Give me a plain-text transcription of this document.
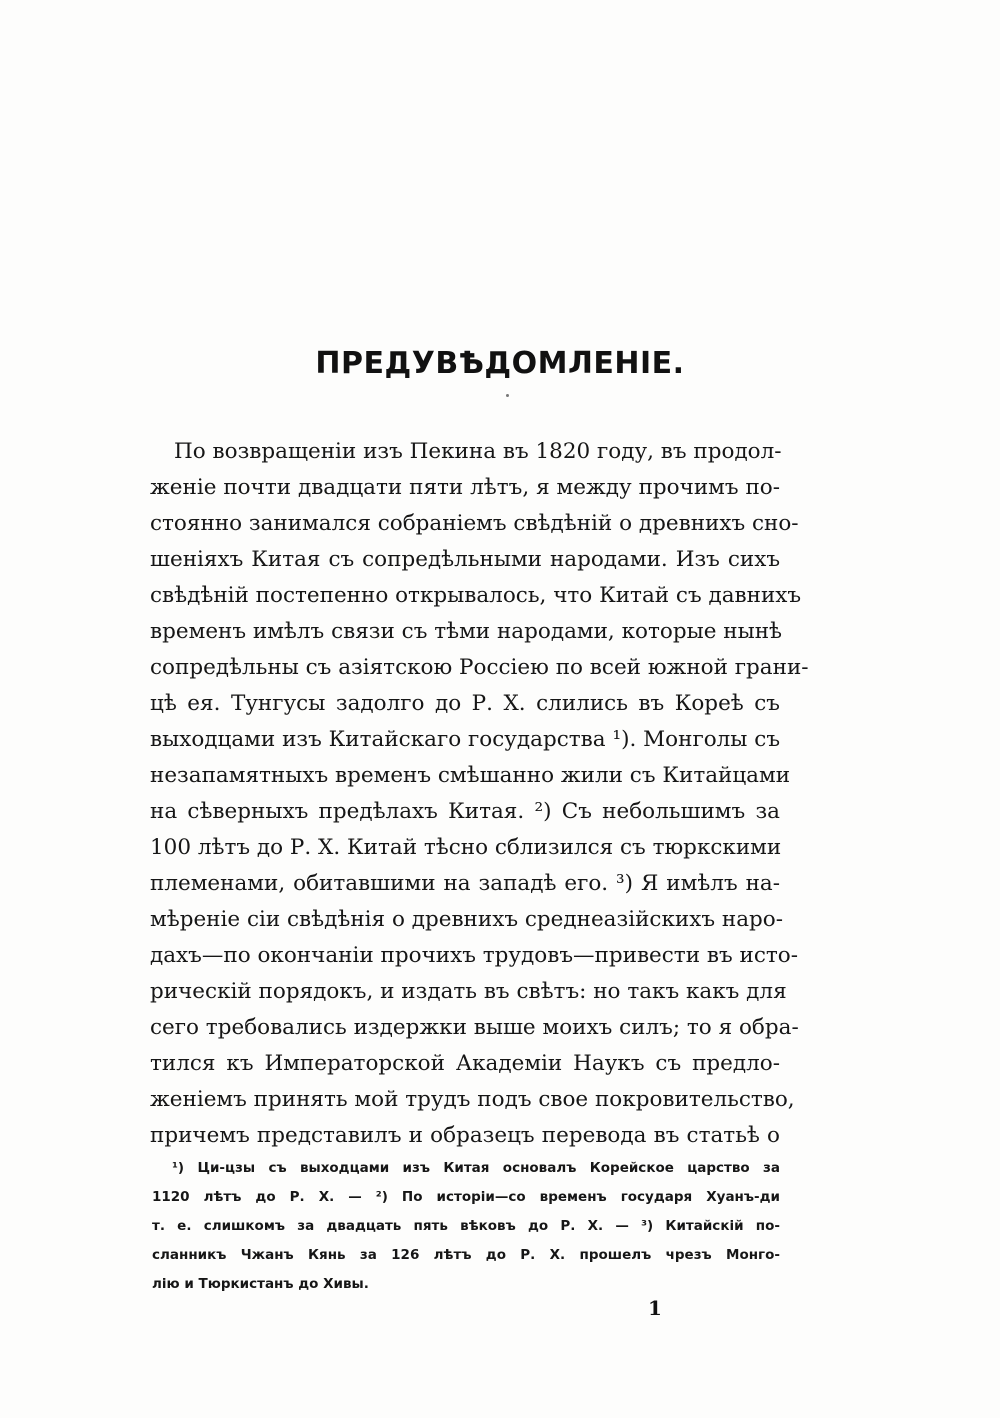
ПРЕДУВѢДОМЛЕНІЕ.
По возвращеніи изъ Пекина въ 1820 году, въ продол-
женіе почти двадцати пяти лѣтъ, я между прочимъ по-
стоянно занимался собраніемъ свѣдѣній о древнихъ сно-
шеніяхъ Китая съ сопредѣльными народами. Изъ сихъ
свѣдѣній постепенно открывалось, что Китай съ давнихъ
временъ имѣлъ связи съ тѣми народами, которые нынѣ
сопредѣльны съ азіятскою Россіею по всей южной грани-
цѣ ея. Тунгусы задолго до Р. Х. слились въ Кореѣ съ
выходцами изъ Китайскаго государства ¹). Монголы съ
незапамятныхъ временъ смѣшанно жили съ Китайцами
на сѣверныхъ предѣлахъ Китая. ²) Съ небольшимъ за
100 лѣтъ до Р. Х. Китай тѣсно сблизился съ тюркскими
племенами, обитавшими на западѣ его. ³) Я имѣлъ на-
мѣреніе сіи свѣдѣнія о древнихъ среднеазійскихъ наро-
дахъ—по окончаніи прочихъ трудовъ—привести въ истo-
рическій порядокъ, и издать въ свѣтъ: но такъ какъ для
сего требовались издержки выше моихъ силъ; то я обра-
тился къ Императорской Академіи Наукъ съ предло-
женіемъ принять мой трудъ подъ свое покровительство,
причемъ представилъ и образецъ перевода въ статьѣ о
¹) Ци-цзы съ выходцами изъ Китая основалъ Корейское царство за
1120 лѣтъ до Р. Х. — ²) По исторіи—со временъ государя Хуанъ-ди
т. е. слишкомъ за двадцать пять вѣковъ до Р. Х. — ³) Китайскій по-
сланникъ Чжанъ Кянь за 126 лѣтъ до Р. Х. прошелъ чрезъ Монго-
лію и Тюркистанъ до Хивы.
1
